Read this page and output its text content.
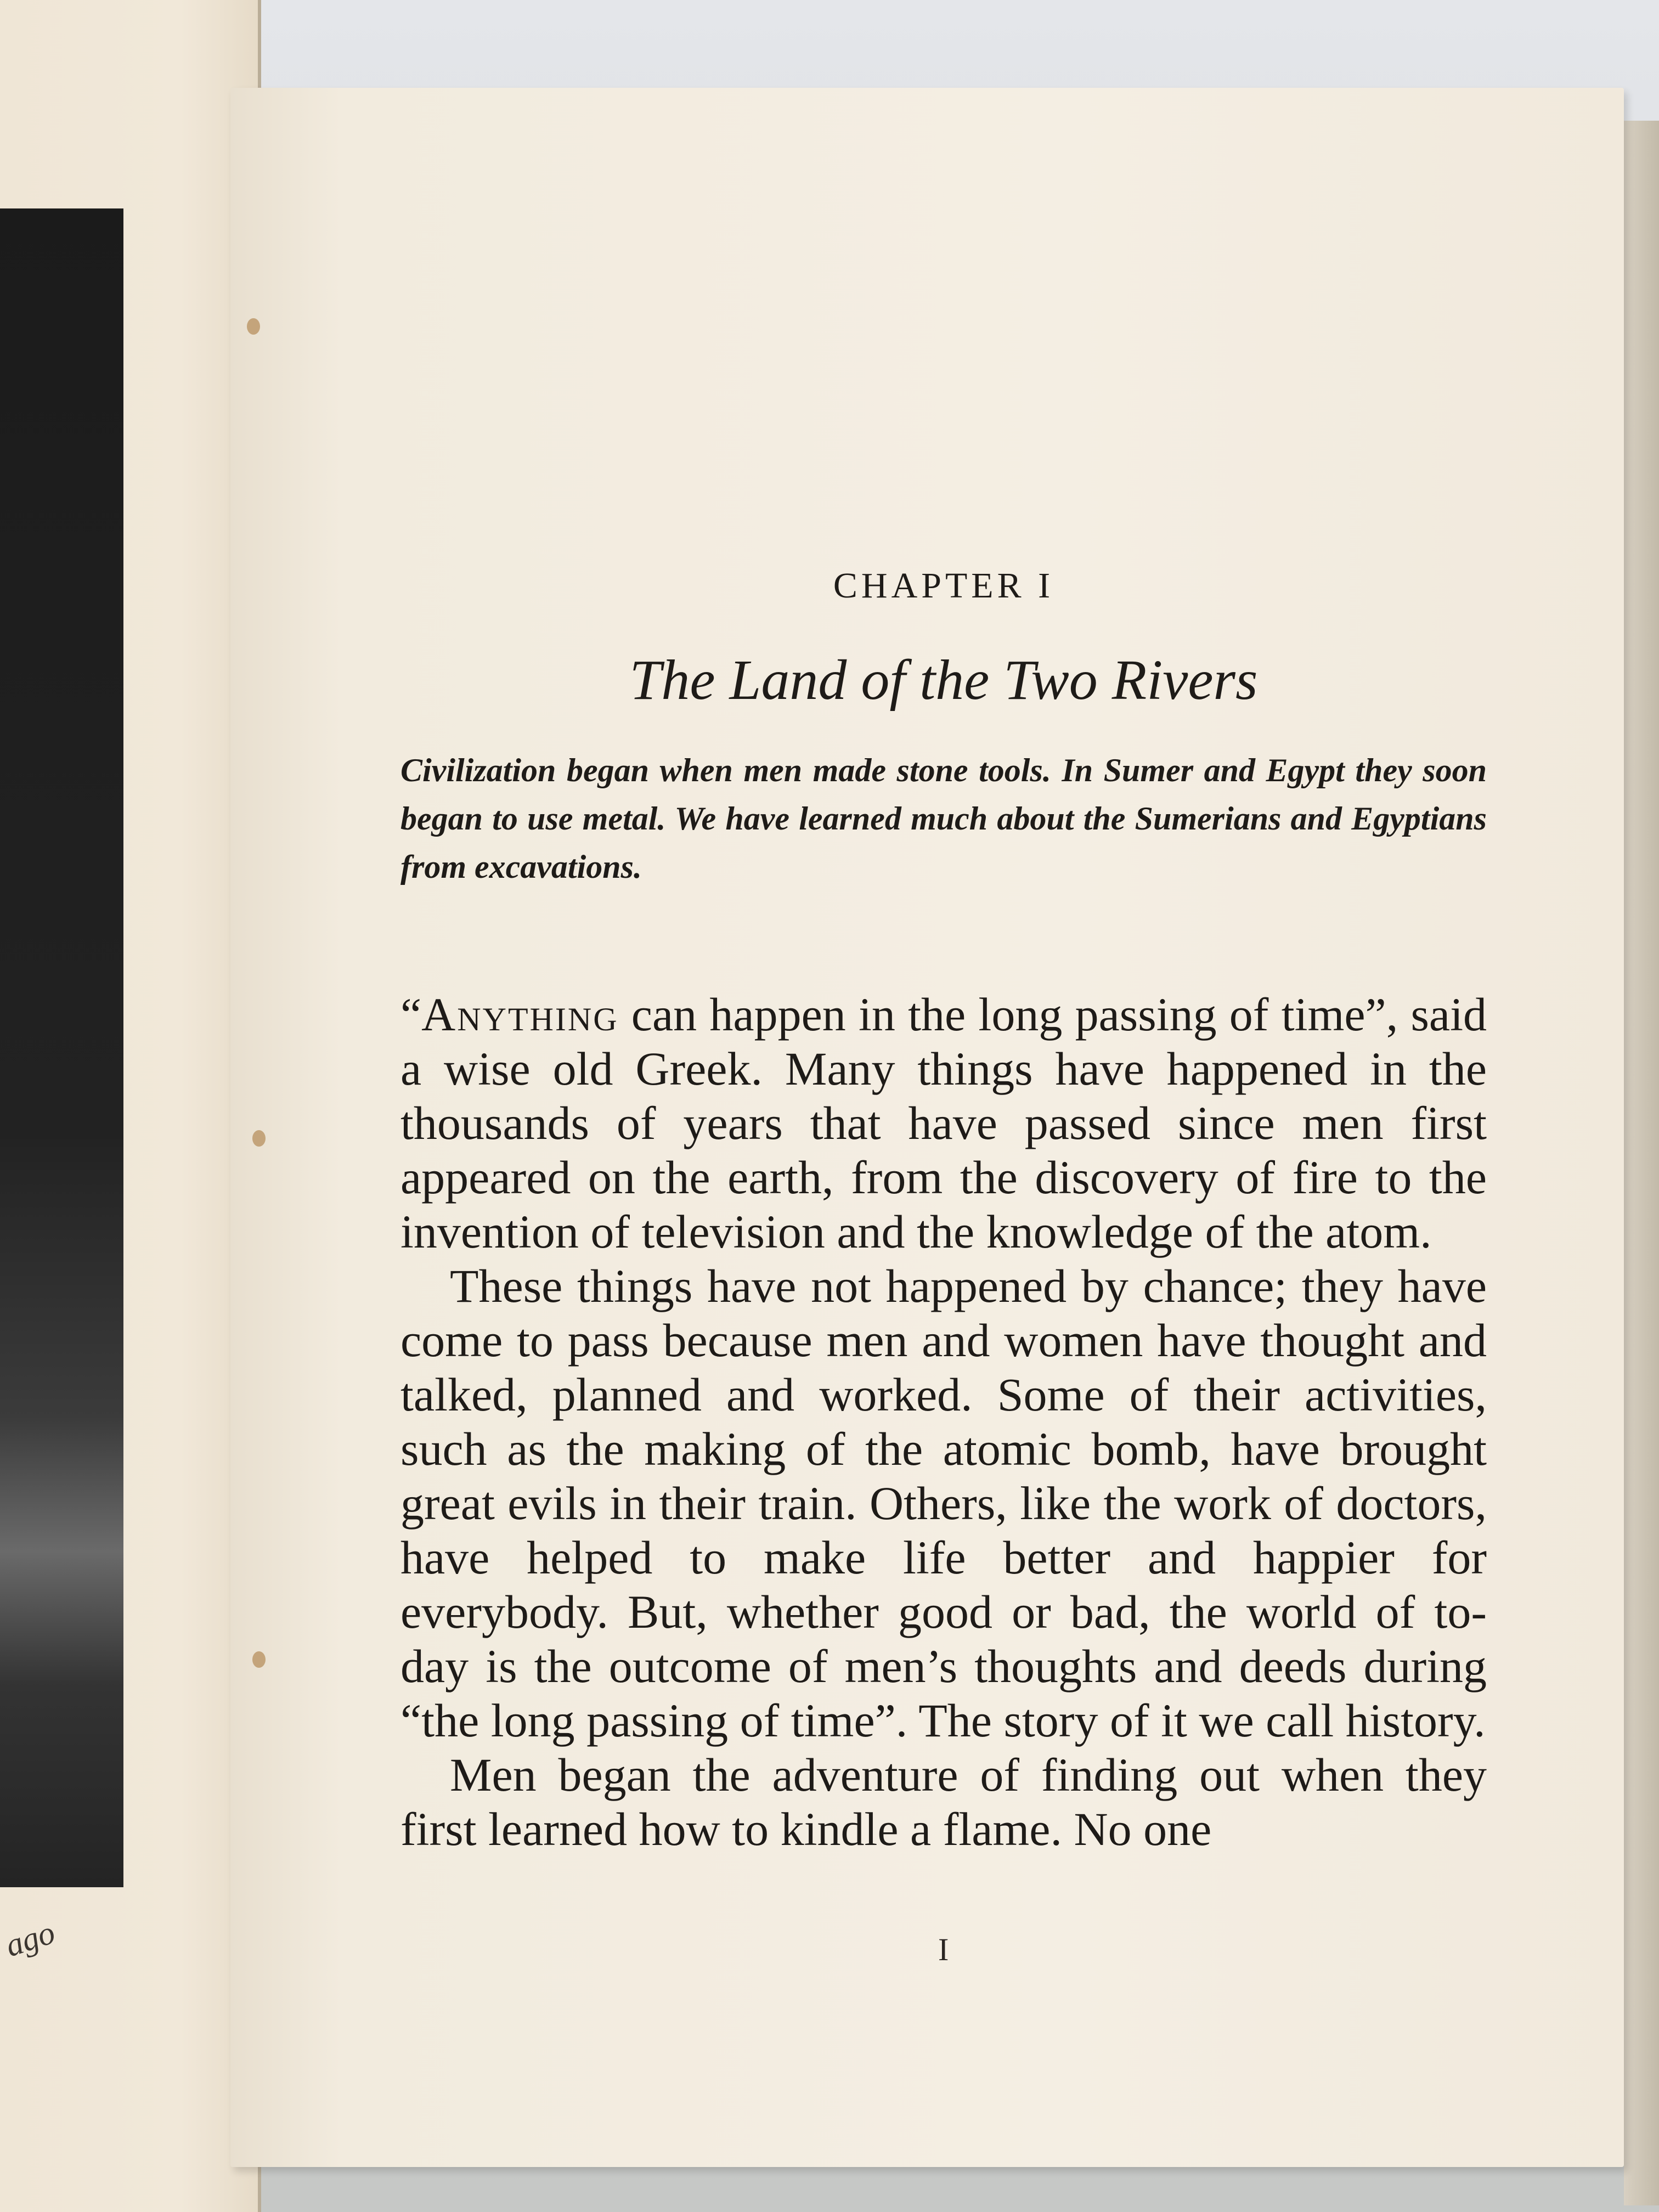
ago
CHAPTER I
The Land of the Two Rivers
Civilization began when men made stone tools. In Sumer and Egypt they soon began to use metal. We have learned much about the Sumerians and Egyptians from excavations.

“Anything can happen in the long passing of time”, said a wise old Greek. Many things have happened in the thousands of years that have passed since men first appeared on the earth, from the discovery of fire to the invention of television and the knowledge of the atom.

These things have not happened by chance; they have come to pass because men and women have thought and talked, planned and worked. Some of their activities, such as the making of the atomic bomb, have brought great evils in their train. Others, like the work of doctors, have helped to make life better and happier for everybody. But, whether good or bad, the world of to-day is the outcome of men’s thoughts and deeds during “the long passing of time”. The story of it we call history.

Men began the adventure of finding out when they first learned how to kindle a flame. No one

I
